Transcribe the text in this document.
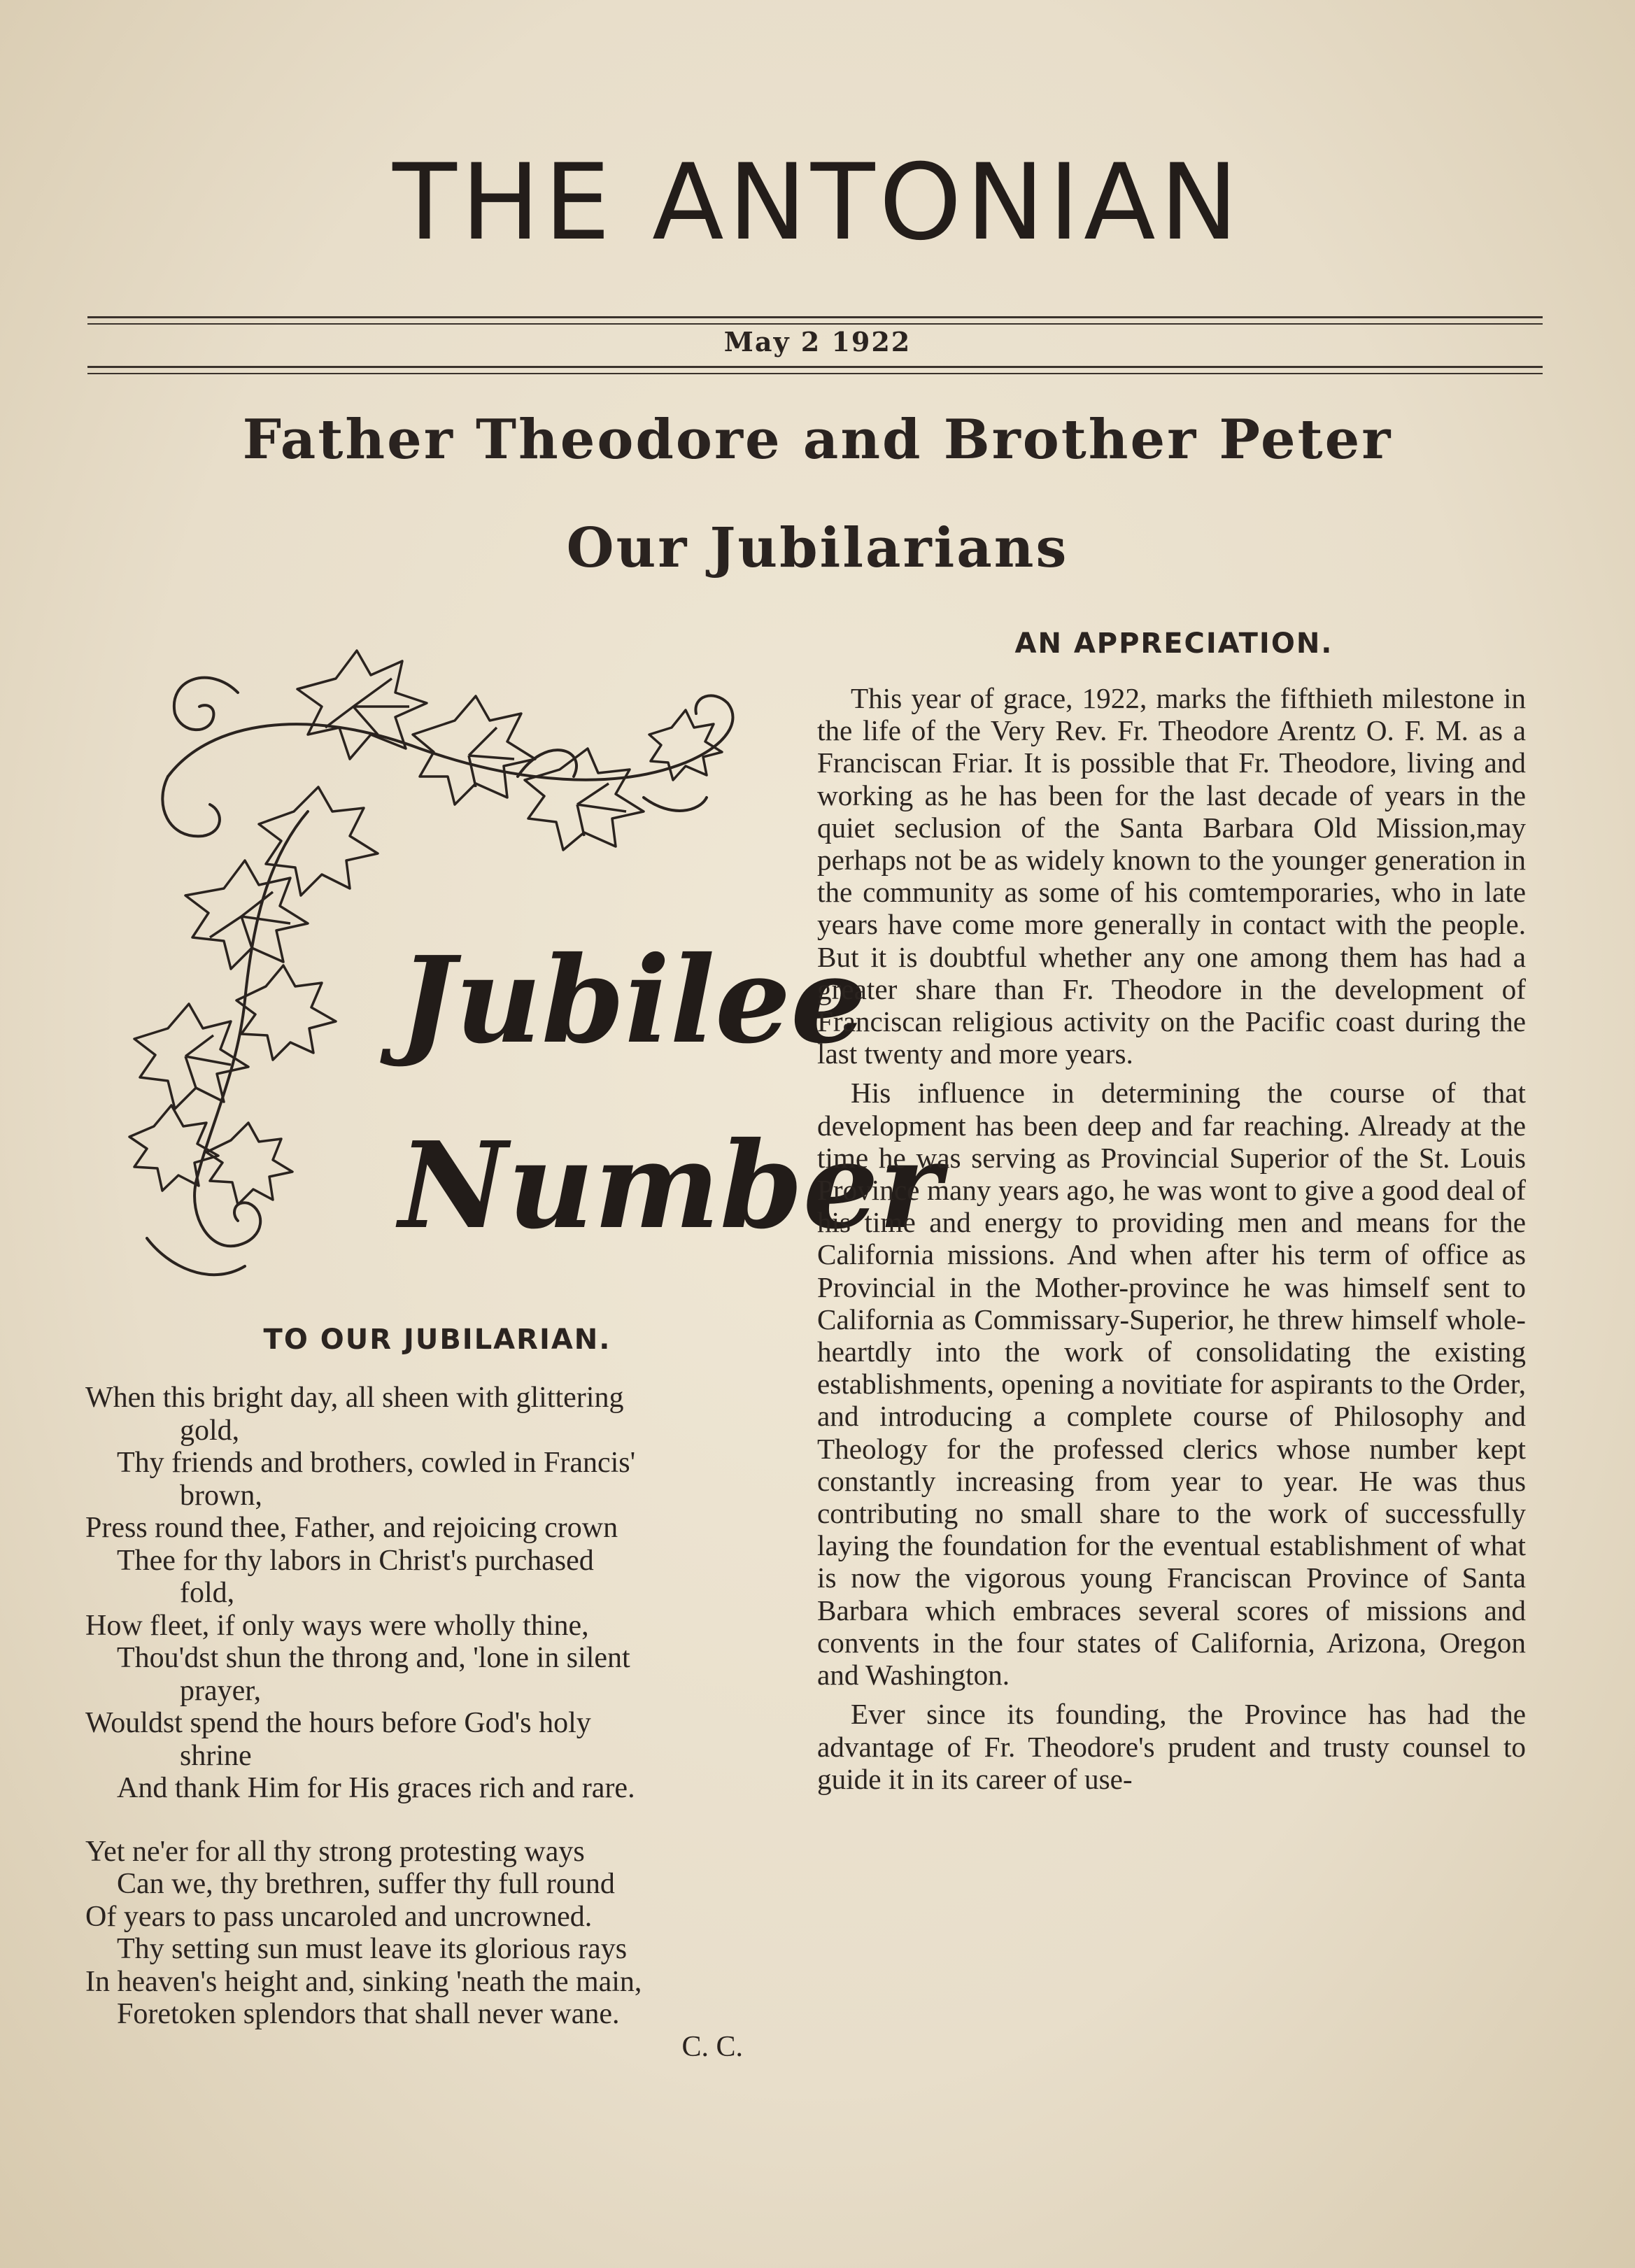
THE ANTONIAN
May 2 1922
Father Theodore and Brother Peter
Our Jubilarians
Jubilee
Number
TO OUR JUBILARIAN.
When this bright day, all sheen with glittering
gold,
Thy friends and brothers, cowled in Francis'
brown,
Press round thee, Father, and rejoicing crown
Thee for thy labors in Christ's purchased
fold,
How fleet, if only ways were wholly thine,
Thou'dst shun the throng and, 'lone in silent
prayer,
Wouldst spend the hours before God's holy
shrine
And thank Him for His graces rich and rare.
Yet ne'er for all thy strong protesting ways
Can we, thy brethren, suffer thy full round
Of years to pass uncaroled and uncrowned.
Thy setting sun must leave its glorious rays
In heaven's height and, sinking 'neath the main,
Foretoken splendors that shall never wane.
C. C.
AN APPRECIATION.

This year of grace, 1922, marks the fifthieth milestone in the life of the Very Rev. Fr. Theodore Arentz O. F. M. as a Franciscan Friar. It is possible that Fr. Theodore, living and working as he has been for the last decade of years in the quiet seclusion of the Santa Barbara Old Mission,may perhaps not be as widely known to the younger generation in the community as some of his comtemporaries, who in late years have come more generally in contact with the people. But it is doubtful whether any one among them has had a greater share than Fr. Theodore in the development of Franciscan religious activity on the Pacific coast during the last twenty and more years.

His influence in determining the course of that development has been deep and far reaching. Already at the time he was serving as Provincial Superior of the St. Louis Province many years ago, he was wont to give a good deal of his time and energy to providing men and means for the California missions. And when after his term of office as Provincial in the Mother-province he was himself sent to California as Commissary-Superior, he threw himself whole-heartdly into the work of consolidating the existing establishments, opening a novitiate for aspirants to the Order, and introducing a complete course of Philosophy and Theology for the professed clerics whose number kept constantly increasing from year to year. He was thus contributing no small share to the work of successfully laying the foundation for the eventual establishment of what is now the vigorous young Franciscan Province of Santa Barbara which embraces several scores of missions and convents in the four states of California, Arizona, Oregon and Washington.

Ever since its founding, the Province has had the advantage of Fr. Theodore's prudent and trusty counsel to guide it in its career of use-
